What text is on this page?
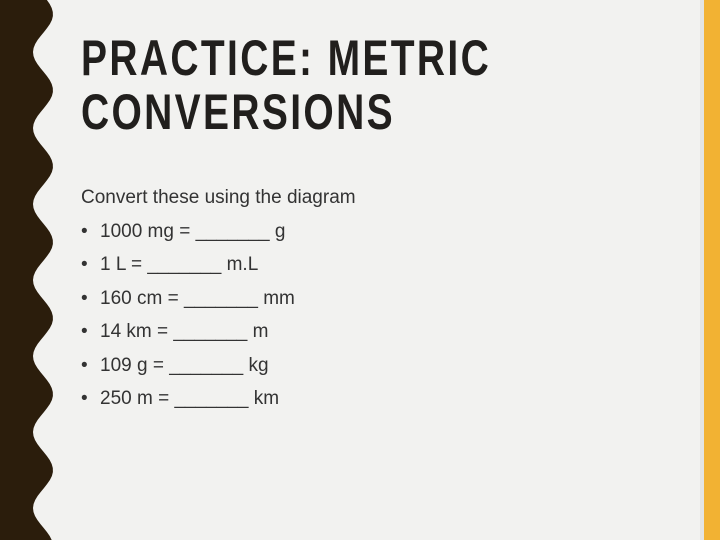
PRACTICE: METRIC
CONVERSIONS
Convert these using the diagram
• 1000 mg = _______ g
• 1 L = _______ m.L
• 160 cm = _______ mm
• 14 km = _______ m
• 109 g = _______ kg
• 250 m = _______ km
